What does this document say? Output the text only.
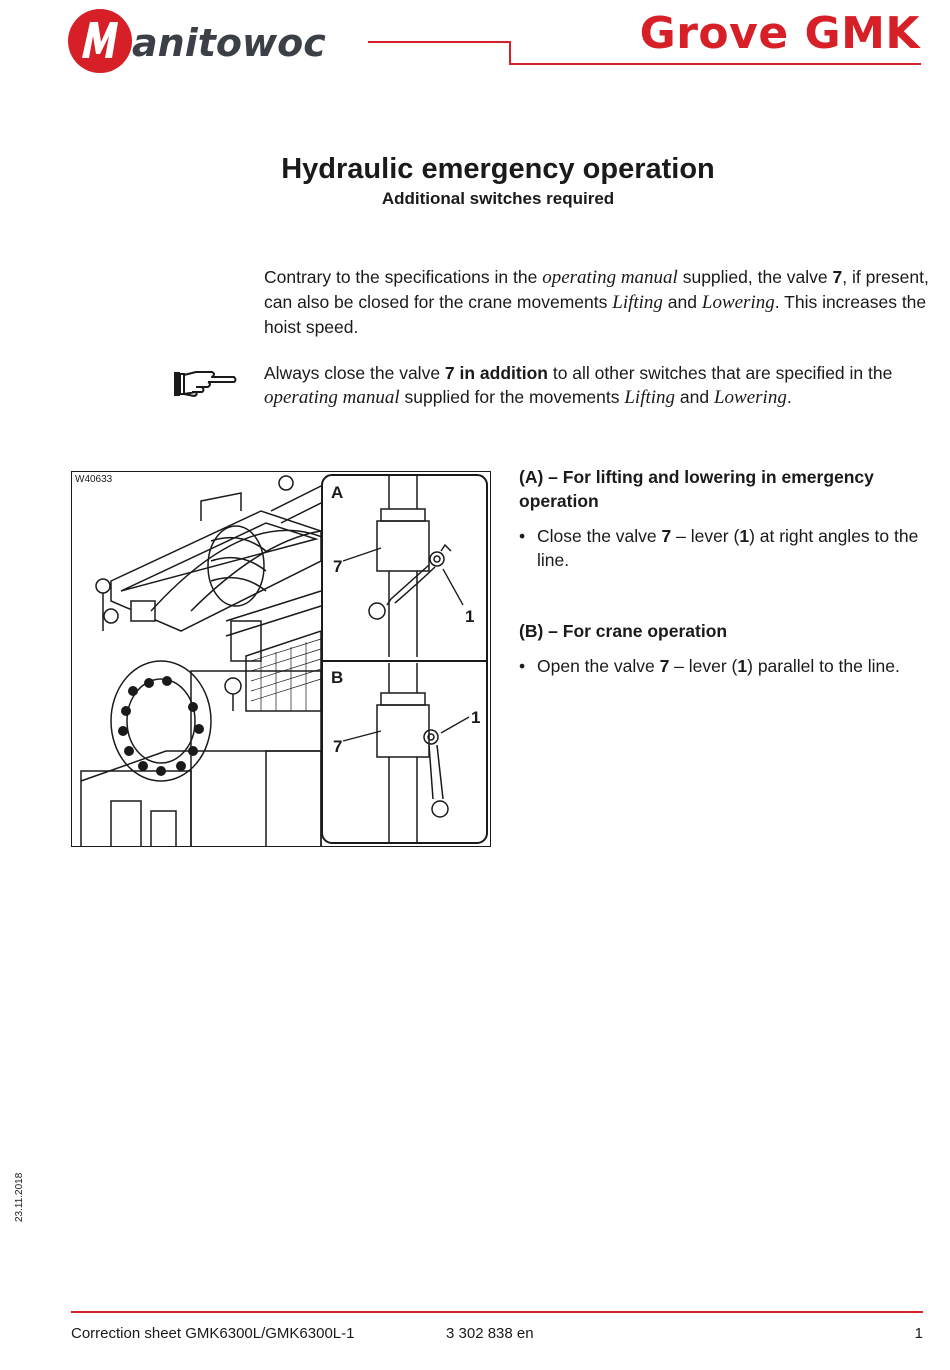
anitowoc	Grove GMK
Hydraulic emergency operation
Additional switches required
Contrary to the specifications in the operating manual supplied, the valve 7, if present, can also be closed for the crane movements Lifting and Lowering. This increases the hoist speed.
Always close the valve 7 in addition to all other switches that are specified in the operating manual supplied for the movements Lifting and Lowering.
W40633
A
7
1
B
7
1
(A) – For lifting and lowering in emergency operation
• Close the valve 7 – lever (1) at right angles to the line.
(B) – For crane operation
• Open the valve 7 – lever (1) parallel to the line.
23.11.2018
Correction sheet GMK6300L/GMK6300L-1	3 302 838 en	1
